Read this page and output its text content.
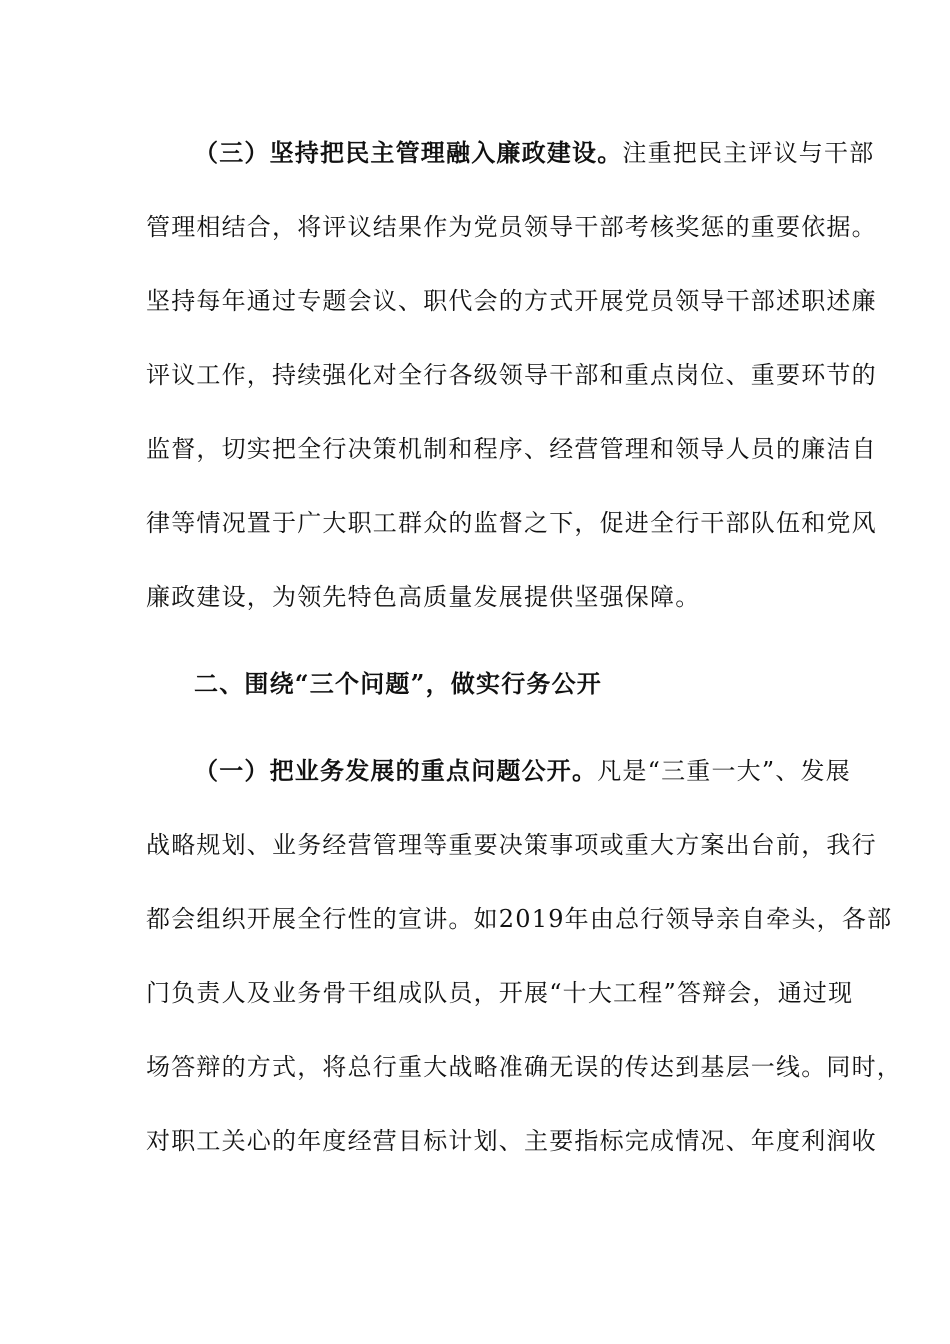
（三）坚持把民主管理融入廉政建设。注重把民主评议与干部
管理相结合，将评议结果作为党员领导干部考核奖惩的重要依据。
坚持每年通过专题会议、职代会的方式开展党员领导干部述职述廉
评议工作，持续强化对全行各级领导干部和重点岗位、重要环节的
监督，切实把全行决策机制和程序、经营管理和领导人员的廉洁自
律等情况置于广大职工群众的监督之下，促进全行干部队伍和党风
廉政建设，为领先特色高质量发展提供坚强保障。
二、围绕“三个问题”，做实行务公开
（一）把业务发展的重点问题公开。凡是“三重一大”、发展
战略规划、业务经营管理等重要决策事项或重大方案出台前，我行
都会组织开展全行性的宣讲。如2019年由总行领导亲自牵头，各部
门负责人及业务骨干组成队员，开展“十大工程”答辩会，通过现
场答辩的方式，将总行重大战略准确无误的传达到基层一线。同时，
对职工关心的年度经营目标计划、主要指标完成情况、年度利润收
